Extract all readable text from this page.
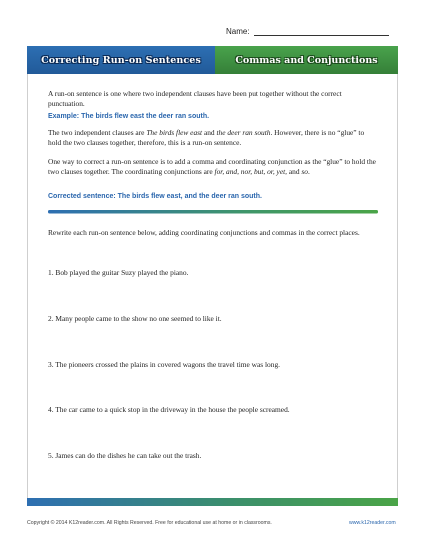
Name:
Correcting Run-on Sentences	Commas and Conjunctions

A run-on sentence is one where two independent clauses have been put together without the correct punctuation.

Example: The birds flew east the deer ran south.

The two independent clauses are The birds flew east and the deer ran south. However, there is no “glue” to hold the two clauses together, therefore, this is a run-on sentence.

One way to correct a run-on sentence is to add a comma and coordinating conjunction as the “glue” to hold the two clauses together. The coordinating conjunctions are for, and, nor, but, or, yet, and so.

Corrected sentence: The birds flew east, and the deer ran south.

Rewrite each run-on sentence below, adding coordinating conjunctions and commas in the correct places.

1. Bob played the guitar Suzy played the piano.

2. Many people came to the show no one seemed to like it.

3. The pioneers crossed the plains in covered wagons the travel time was long.

4. The car came to a quick stop in the driveway in the house the people screamed.

5. James can do the dishes he can take out the trash.

Copyright © 2014 K12reader.com. All Rights Reserved. Free for educational use at home or in classrooms.	www.k12reader.com
